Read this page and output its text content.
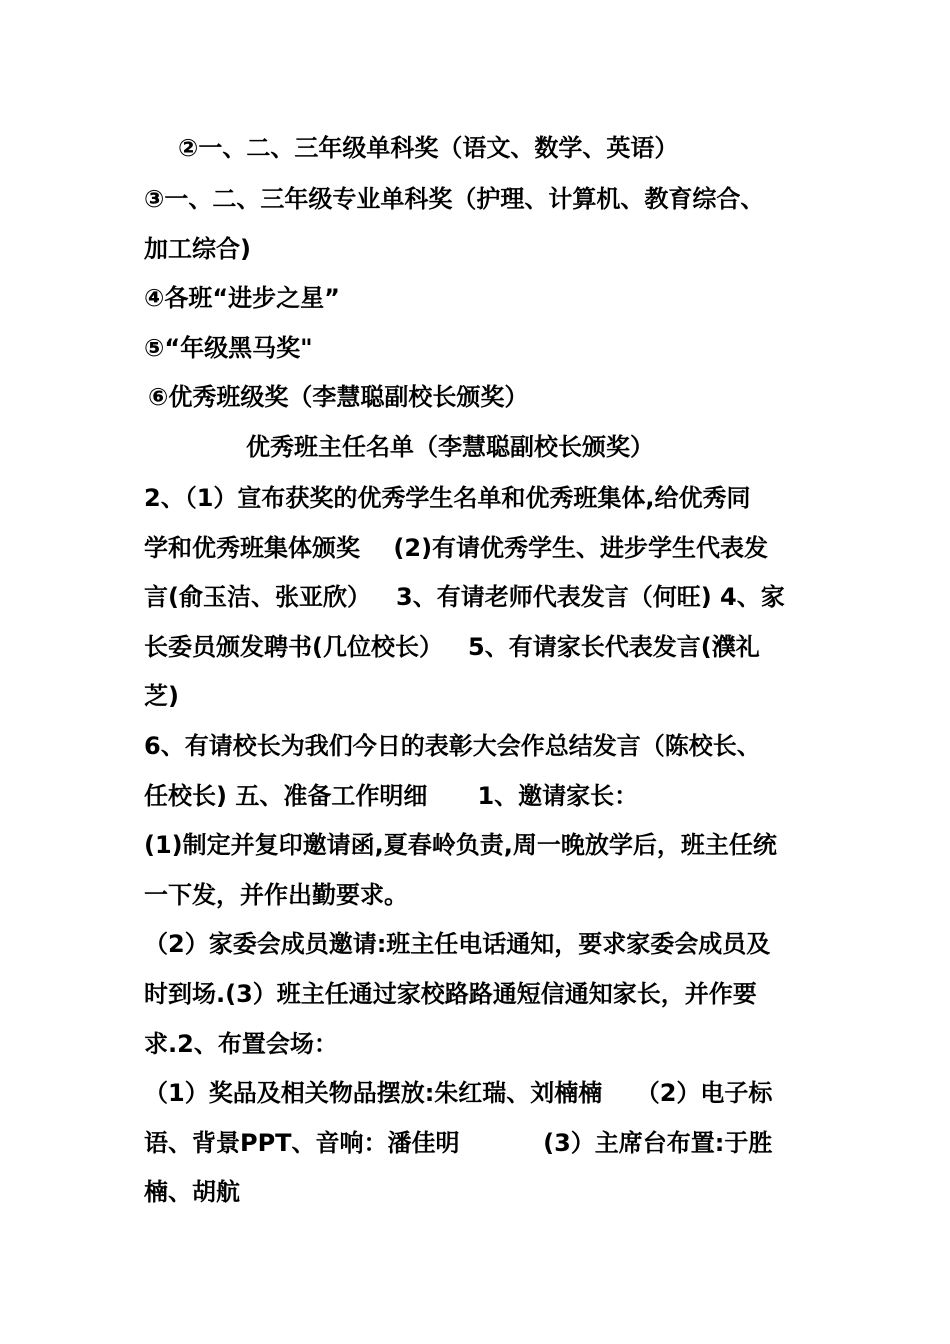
②一、二、三年级单科奖（语文、数学、英语）
③一、二、三年级专业单科奖（护理、计算机、教育综合、
加工综合)
④各班“进步之星”
⑤“年级黑马奖"
⑥优秀班级奖（李慧聪副校长颁奖）
优秀班主任名单（李慧聪副校长颁奖）
2、（1）宣布获奖的优秀学生名单和优秀班集体,给优秀同
学和优秀班集体颁奖    (2)有请优秀学生、进步学生代表发
言(俞玉洁、张亚欣）   3、有请老师代表发言（何旺) 4、家
长委员颁发聘书(几位校长）   5、有请家长代表发言(濮礼
芝)
6、有请校长为我们今日的表彰大会作总结发言（陈校长、
任校长) 五、准备工作明细      1、邀请家长：
(1)制定并复印邀请函,夏春岭负责,周一晚放学后，班主任统
一下发，并作出勤要求。
（2）家委会成员邀请:班主任电话通知，要求家委会成员及
时到场.(3）班主任通过家校路路通短信通知家长，并作要
求.2、布置会场：
（1）奖品及相关物品摆放:朱红瑞、刘楠楠    （2）电子标
语、背景PPT、音响：潘佳明          (3）主席台布置:于胜
楠、胡航
